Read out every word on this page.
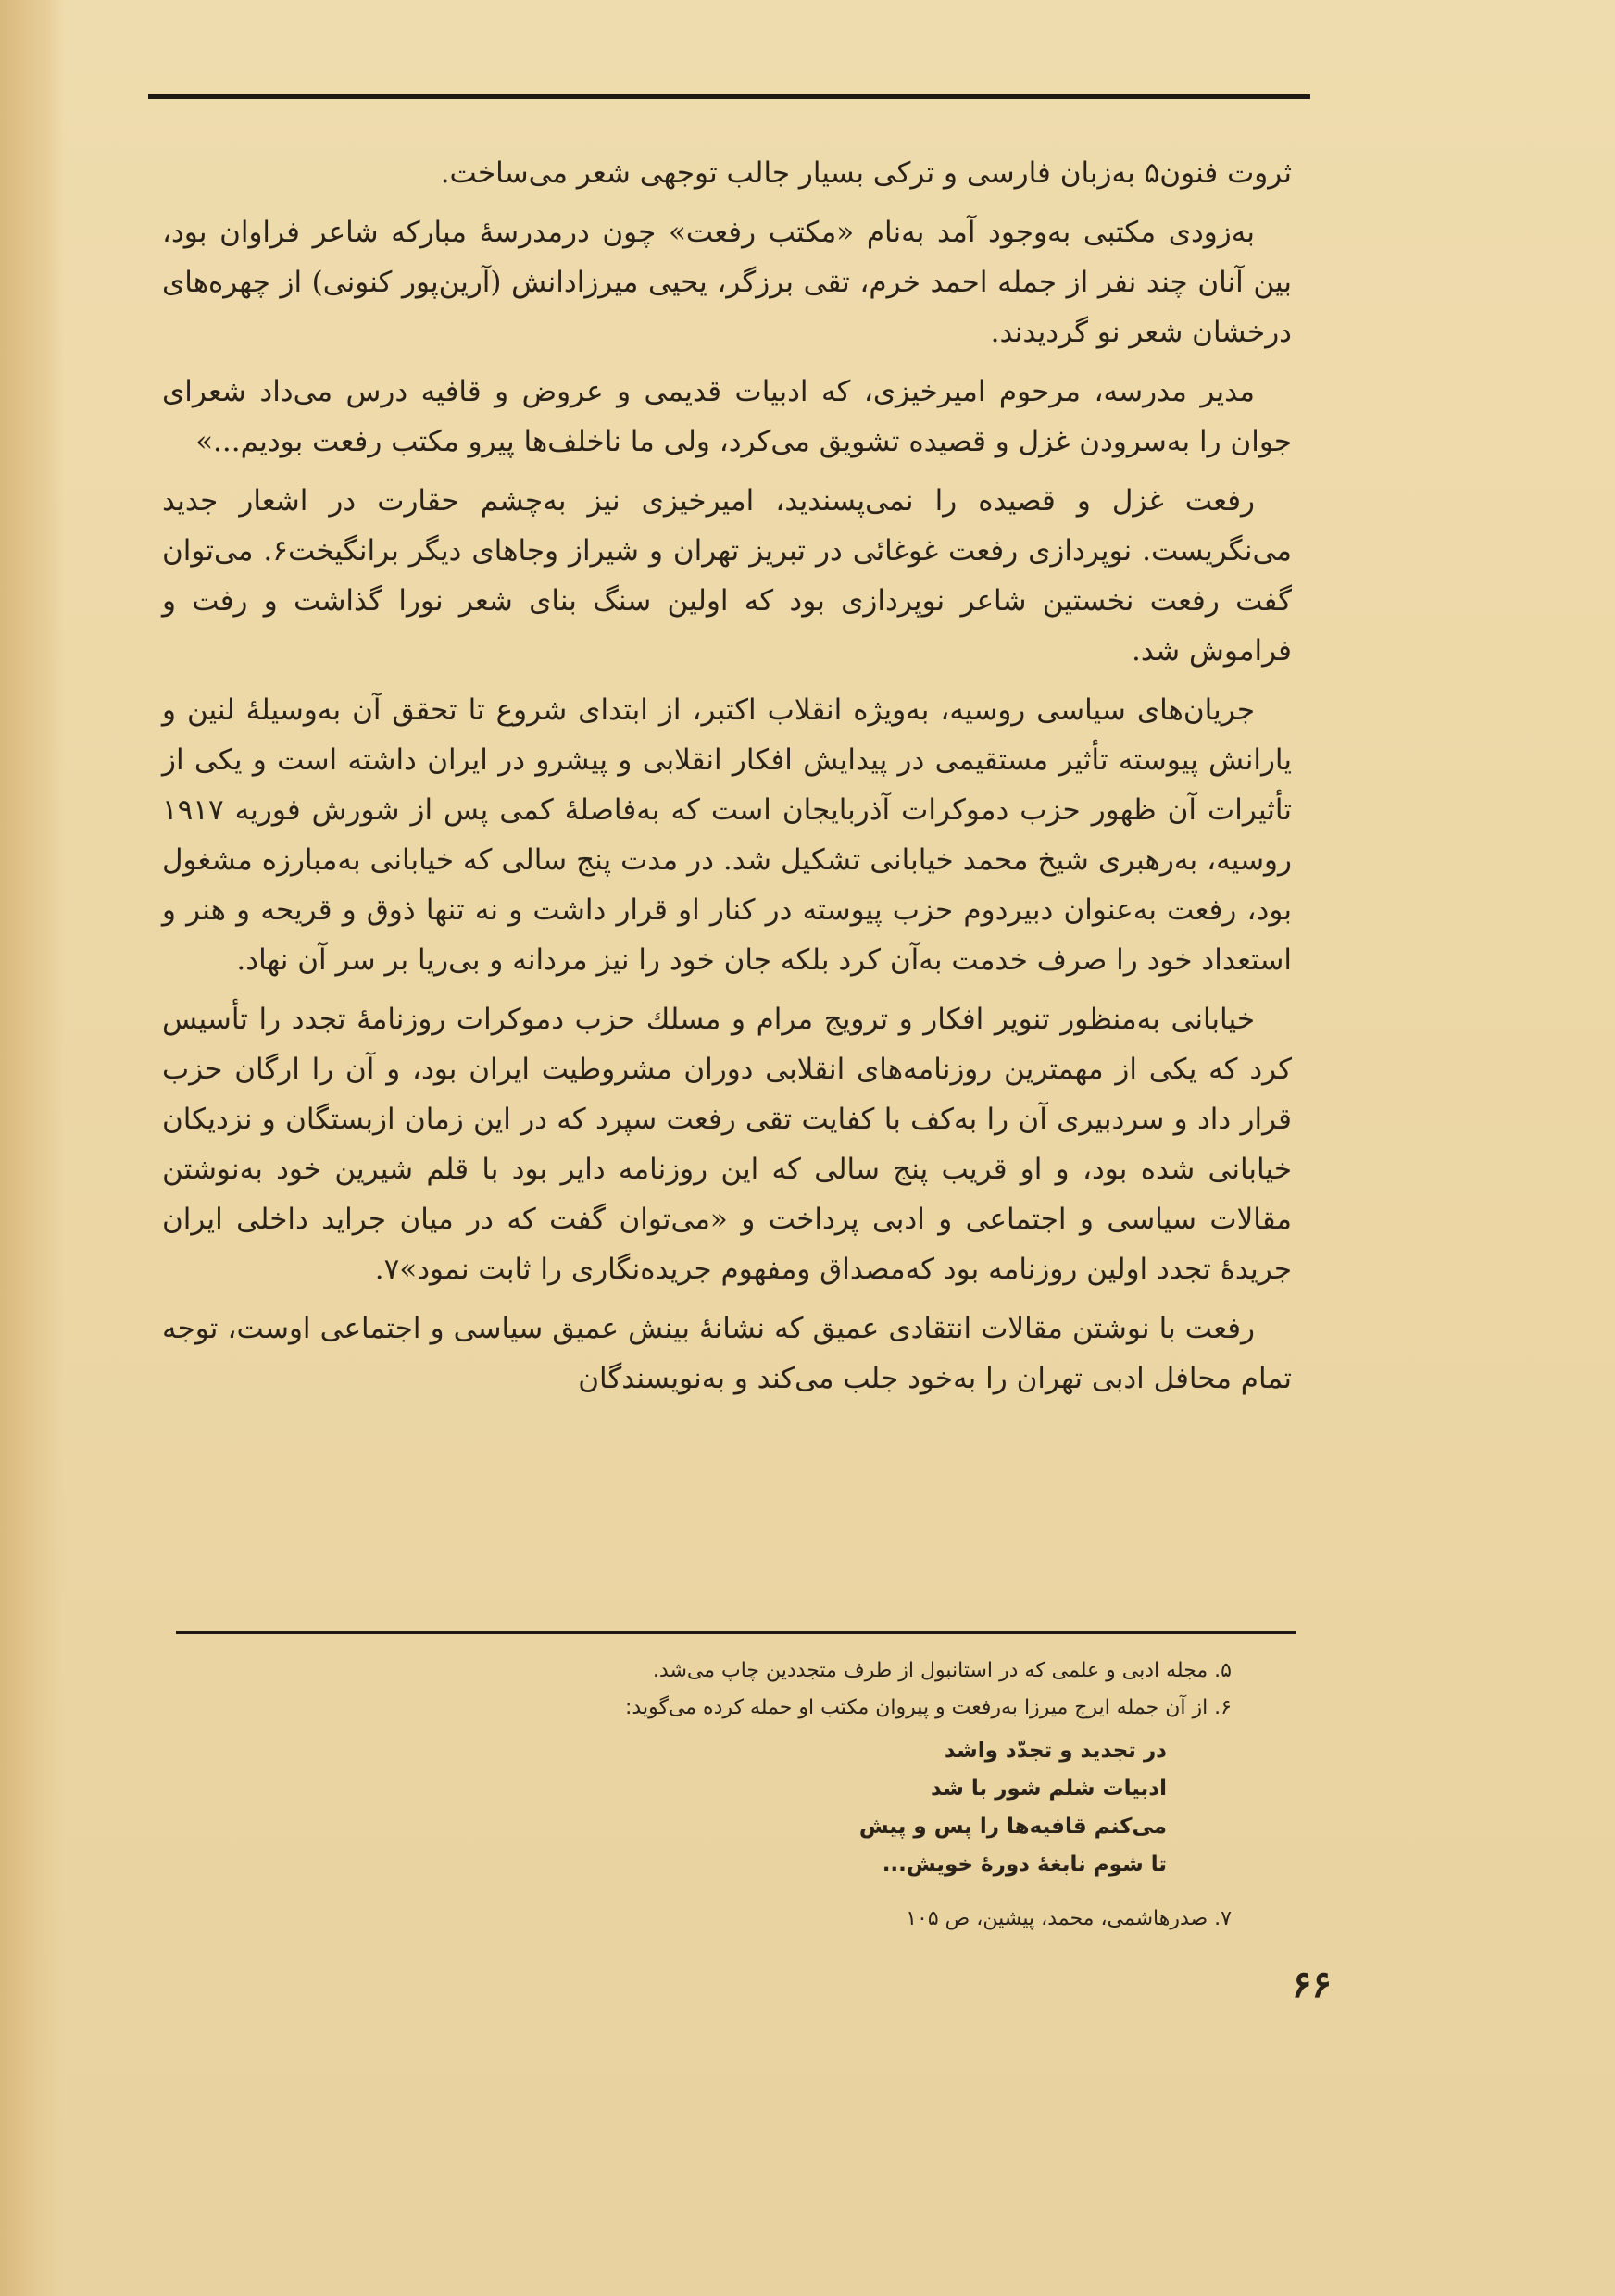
ثروت فنون۵ به‌زبان فارسی و ترکی بسیار جالب توجهی شعر می‌ساخت.

به‌زودی مکتبی به‌وجود آمد به‌نام «مکتب رفعت» چون درمدرسهٔ مبارکه شاعر فراوان بود، بین آنان چند نفر از جمله احمد خرم، تقی برزگر، یحیی میرزادانش (آرین‌پور کنونی) از چهره‌های درخشان شعر نو گردیدند.

مدیر مدرسه، مرحوم امیرخیزی، که ادبیات قدیمی و عروض و قافیه درس می‌داد شعرای جوان را به‌سرودن غزل و قصیده تشویق می‌کرد، ولی ما ناخلف‌ها پیرو مکتب رفعت بودیم...»

رفعت غزل و قصیده را نمی‌پسندید، امیرخیزی نیز به‌چشم حقارت در اشعار جدید می‌نگریست. نوپردازی رفعت غوغائی در تبریز تهران و شیراز وجاهای دیگر برانگیخت۶. می‌توان گفت رفعت نخستین شاعر نوپردازی بود که اولین سنگ بنای شعر نورا گذاشت و رفت و فراموش شد.

جریان‌های سیاسی روسیه، به‌ویژه انقلاب اکتبر، از ابتدای شروع تا تحقق آن به‌وسیلهٔ لنین و یارانش پیوسته تأثیر مستقیمی در پیدایش افکار انقلابی و پیشرو در ایران داشته است و یکی از تأثیرات آن ظهور حزب دموکرات آذربایجان است که به‌فاصلهٔ کمی پس از شورش فوریه ۱۹۱۷ روسیه، به‌رهبری شیخ محمد خیابانی تشکیل شد. در مدت پنج سالی که خیابانی به‌مبارزه مشغول بود، رفعت به‌عنوان دبیردوم حزب پیوسته در کنار او قرار داشت و نه تنها ذوق و قریحه و هنر و استعداد خود را صرف خدمت به‌آن کرد بلکه جان خود را نیز مردانه و بی‌ریا بر سر آن نهاد.

خیابانی به‌منظور تنویر افکار و ترویج مرام و مسلك حزب دموکرات روزنامهٔ تجدد را تأسیس کرد که یکی از مهمترین روزنامه‌های انقلابی دوران مشروطیت ایران بود، و آن را ارگان حزب قرار داد و سردبیری آن را به‌کف با کفایت تقی رفعت سپرد که در این زمان ازبستگان و نزدیکان خیابانی شده بود، و او قریب پنج سالی که این روزنامه دایر بود با قلم شیرین خود به‌نوشتن مقالات سیاسی و اجتماعی و ادبی پرداخت و «می‌توان گفت که در میان جراید داخلی ایران جریدهٔ تجدد اولین روزنامه بود که‌مصداق ومفهوم جریده‌نگاری را ثابت نمود»۷.

رفعت با نوشتن مقالات انتقادی عمیق که نشانهٔ بینش عمیق سیاسی و اجتماعی اوست، توجه تمام محافل ادبی تهران را به‌خود جلب می‌کند و به‌نویسندگان

۵. مجله ادبی و علمی که در استانبول از طرف متجددین چاپ می‌شد.

۶. از آن جمله ایرج میرزا به‌رفعت و پیروان مکتب او حمله کرده می‌گوید:

در تجدید و تجدّد واشد
ادبیات شلم شور با شد
می‌کنم قافیه‌ها را پس و پیش
تا شوم نابغهٔ دورهٔ خویش...

۷. صدرهاشمی، محمد، پیشین، ص ۱۰۵

۶۶
